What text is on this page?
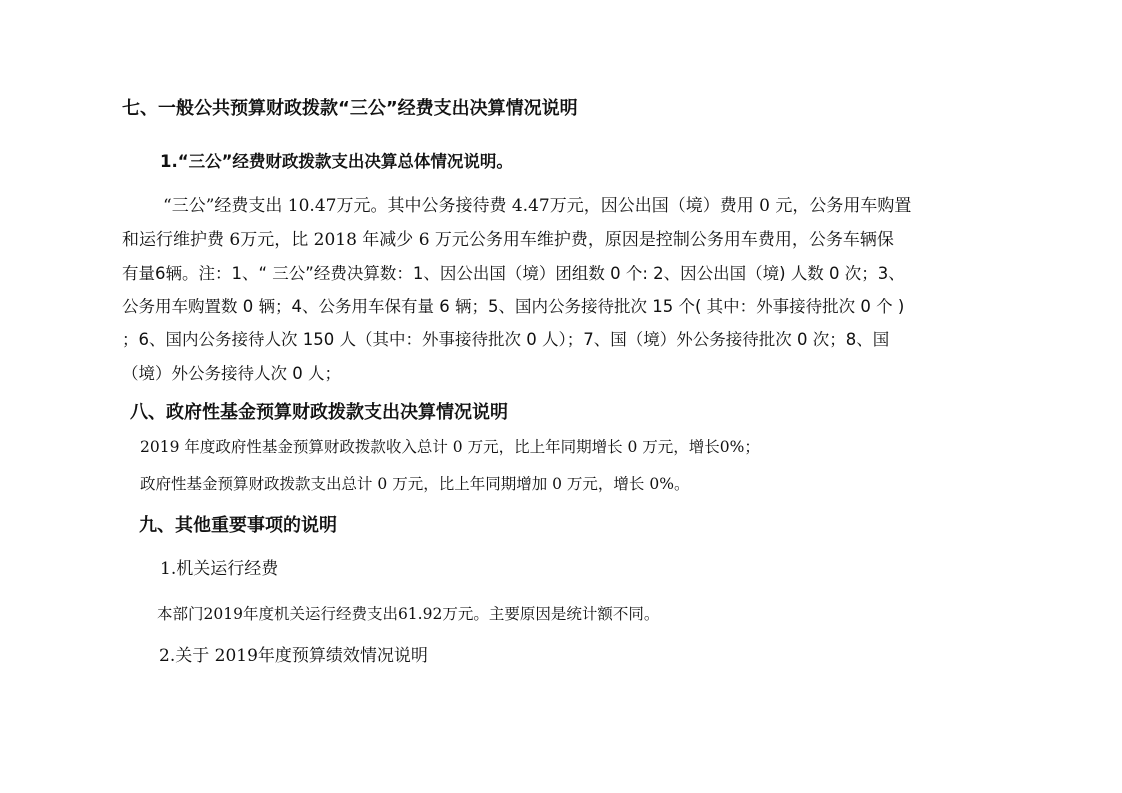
七、一般公共预算财政拨款“三公”经费支出决算情况说明
1.“三公”经费财政拨款支出决算总体情况说明。
“三公”经费支出 10.47万元。其中公务接待费 4.47万元，因公出国（境）费用 0 元，公务用车购置
和运行维护费 6万元，比 2018 年减少 6 万元公务用车维护费，原因是控制公务用车费用，公务车辆保
有量6辆。注：1、“ 三公”经费决算数：1、因公出国（境）团组数 0 个: 2、因公出国（境) 人数 0 次；3、
公务用车购置数 0 辆；4、公务用车保有量 6 辆；5、国内公务接待批次 15 个( 其中：外事接待批次 0 个 )
；6、国内公务接待人次 150 人（其中：外事接待批次 0 人）；7、国（境）外公务接待批次 0 次；8、国
（境）外公务接待人次 0 人；
八、政府性基金预算财政拨款支出决算情况说明
2019 年度政府性基金预算财政拨款收入总计 0 万元，比上年同期增长 0 万元，增长0%；
政府性基金预算财政拨款支出总计 0 万元，比上年同期增加 0 万元，增长 0%。
九、其他重要事项的说明
1.机关运行经费
本部门2019年度机关运行经费支出61.92万元。主要原因是统计额不同。
2.关于 2019年度预算绩效情况说明
